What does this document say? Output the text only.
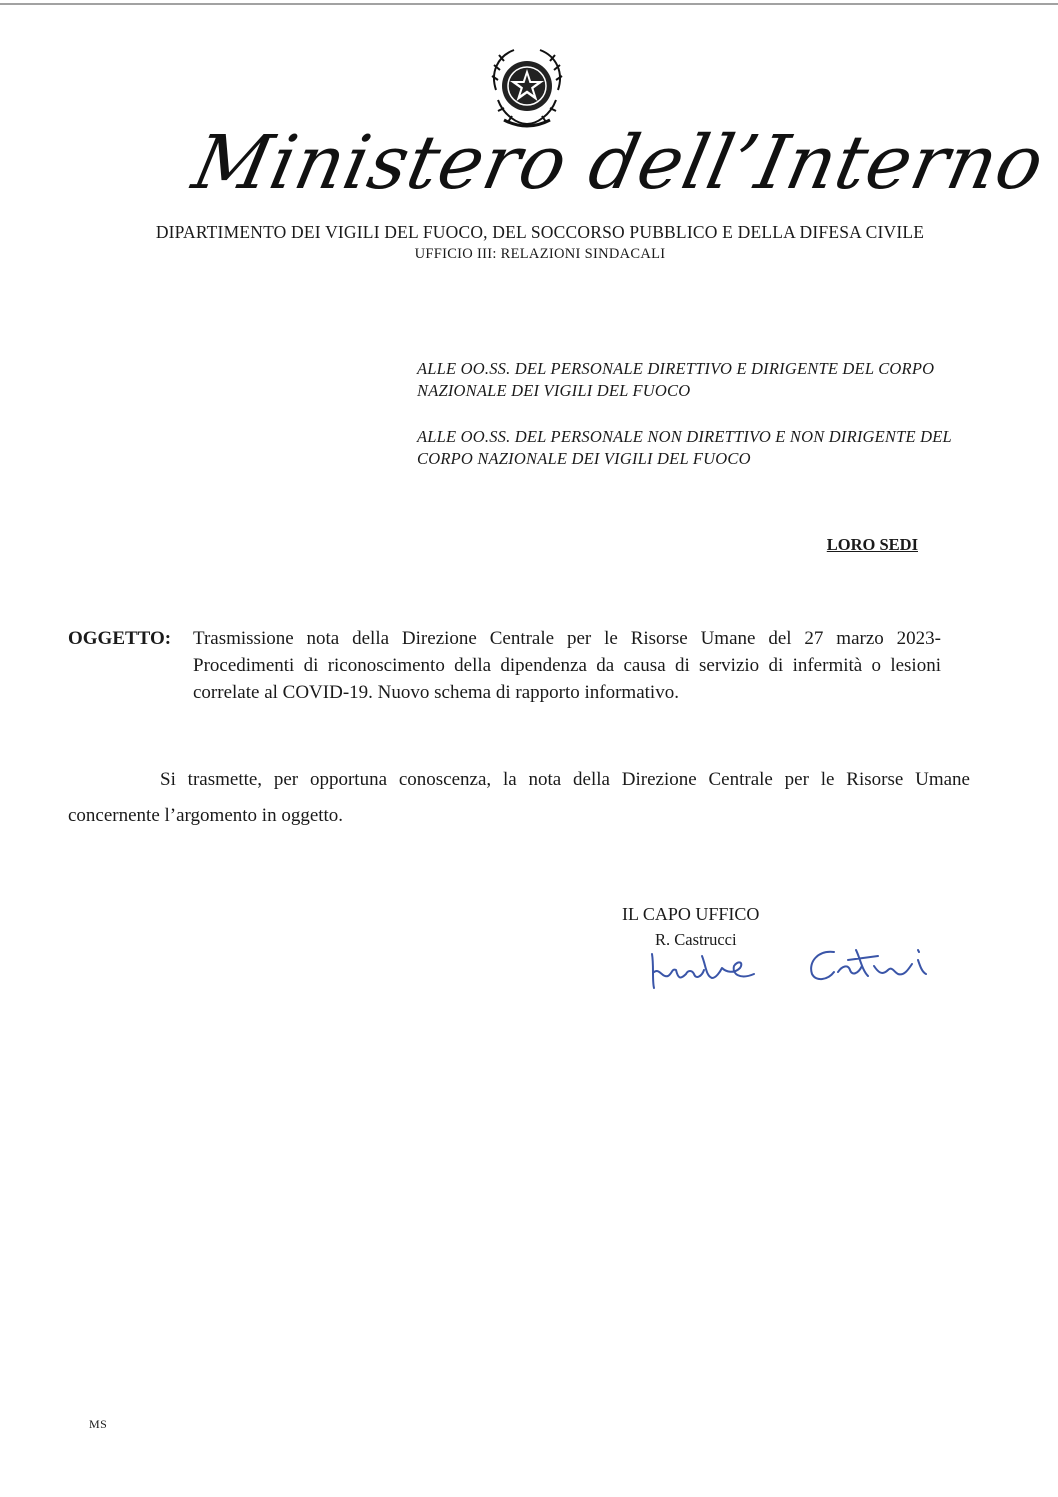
Ministero dell’Interno
DIPARTIMENTO DEI VIGILI DEL FUOCO, DEL SOCCORSO PUBBLICO E DELLA DIFESA CIVILE
UFFICIO III: RELAZIONI SINDACALI
ALLE OO.SS. DEL PERSONALE DIRETTIVO E DIRIGENTE DEL CORPO NAZIONALE DEI VIGILI DEL FUOCO
ALLE OO.SS. DEL PERSONALE NON DIRETTIVO E NON DIRIGENTE DEL CORPO NAZIONALE DEI VIGILI DEL FUOCO
LORO SEDI
OGGETTO: Trasmissione nota della Direzione Centrale per le Risorse Umane del 27 marzo 2023- Procedimenti di riconoscimento della dipendenza da causa di servizio di infermità o lesioni correlate al COVID-19. Nuovo schema di rapporto informativo.
Si trasmette, per opportuna conoscenza, la nota della Direzione Centrale per le Risorse Umane concernente l’argomento in oggetto.
IL CAPO UFFICO
R. Castrucci
MS
